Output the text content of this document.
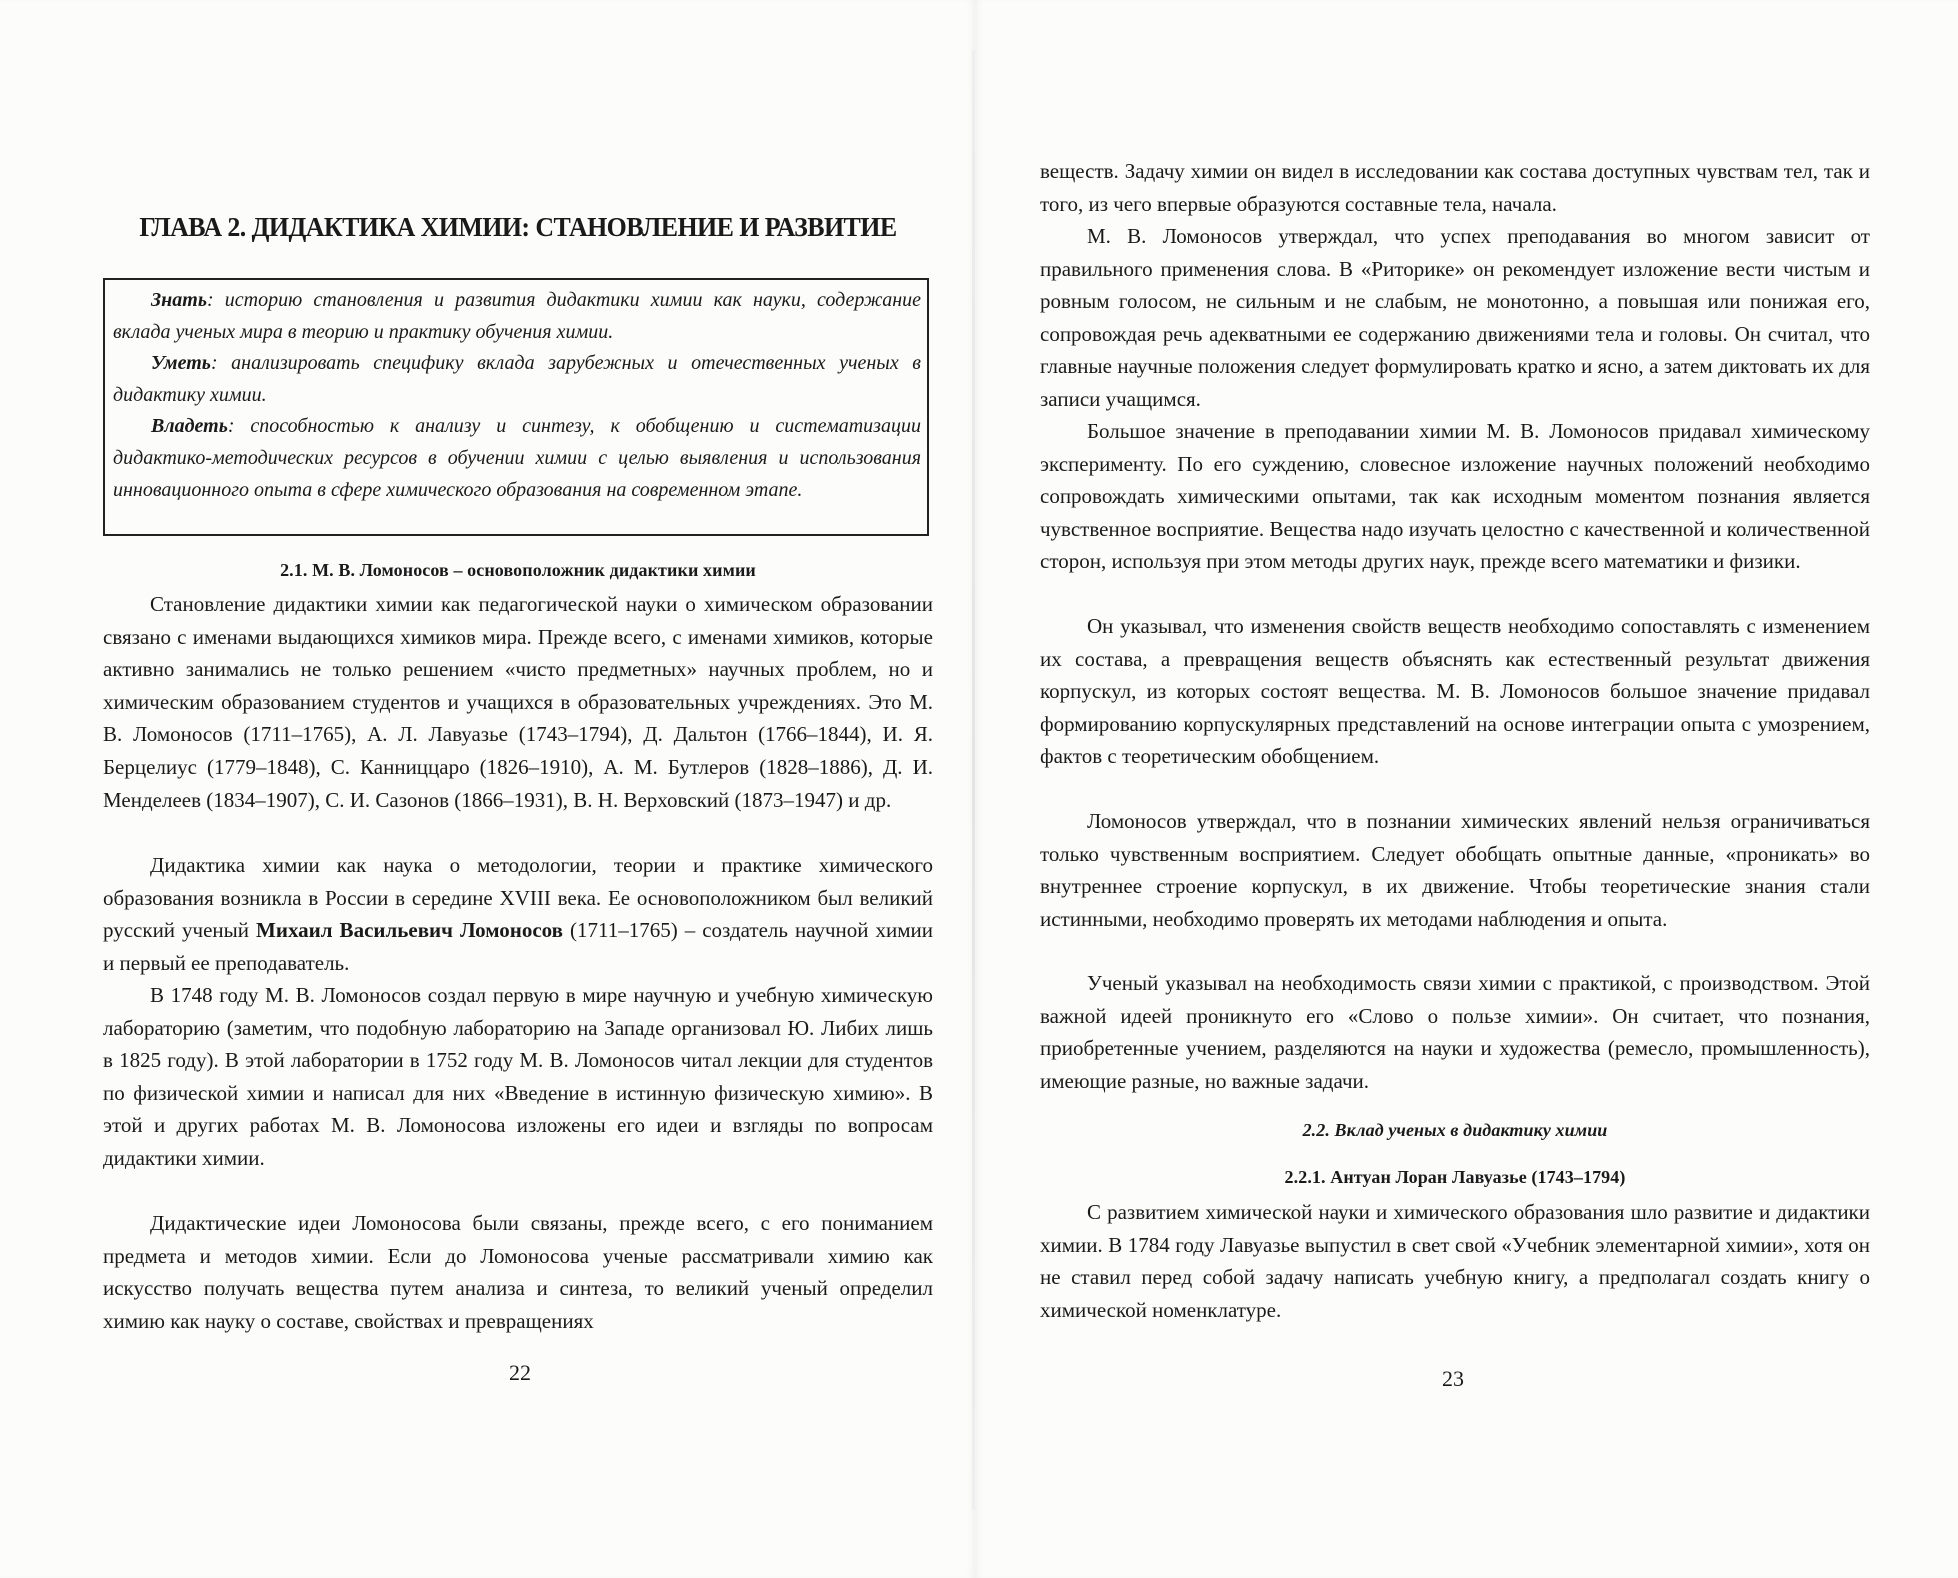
ГЛАВА 2. ДИДАКТИКА ХИМИИ: СТАНОВЛЕНИЕ И РАЗВИТИЕ

Знать: историю становления и развития дидактики химии как науки, содержание вклада ученых мира в теорию и практику обучения химии.

Уметь: анализировать специфику вклада зарубежных и отечественных ученых в дидактику химии.

Владеть: способностью к анализу и синтезу, к обобщению и систематизации дидактико-методических ресурсов в обучении химии с целью выявления и использования инновационного опыта в сфере химического образования на современном этапе.

2.1. М. В. Ломоносов – основоположник дидактики химии

Становление дидактики химии как педагогической науки о химическом образовании связано с именами выдающихся химиков мира. Прежде всего, с именами химиков, которые активно занимались не только решением «чисто предметных» научных проблем, но и химическим образованием студентов и учащихся в образовательных учреждениях. Это М. В. Ломоносов (1711–1765), А. Л. Лавуазье (1743–1794), Д. Дальтон (1766–1844), И. Я. Берцелиус (1779–1848), С. Канниццаро (1826–1910), А. М. Бутлеров (1828–1886), Д. И. Менделеев (1834–1907), С. И. Сазонов (1866–1931), В. Н. Верховский (1873–1947) и др.

Дидактика химии как наука о методологии, теории и практике химического образования возникла в России в середине XVIII века. Ее основоположником был великий русский ученый Михаил Васильевич Ломоносов (1711–1765) – создатель научной химии и первый ее преподаватель.

В 1748 году М. В. Ломоносов создал первую в мире научную и учебную химическую лабораторию (заметим, что подобную лабораторию на Западе организовал Ю. Либих лишь в 1825 году). В этой лаборатории в 1752 году М. В. Ломоносов читал лекции для студентов по физической химии и написал для них «Введение в истинную физическую химию». В этой и других работах М. В. Ломоносова изложены его идеи и взгляды по вопросам дидактики химии.

Дидактические идеи Ломоносова были связаны, прежде всего, с его пониманием предмета и методов химии. Если до Ломоносова ученые рассматривали химию как искусство получать вещества путем анализа и синтеза, то великий ученый определил химию как науку о составе, свойствах и превращениях

22

веществ. Задачу химии он видел в исследовании как состава доступных чувствам тел, так и того, из чего впервые образуются составные тела, начала.

М. В. Ломоносов утверждал, что успех преподавания во многом зависит от правильного применения слова. В «Риторике» он рекомендует изложение вести чистым и ровным голосом, не сильным и не слабым, не монотонно, а повышая или понижая его, сопровождая речь адекватными ее содержанию движениями тела и головы. Он считал, что главные научные положения следует формулировать кратко и ясно, а затем диктовать их для записи учащимся.

Большое значение в преподавании химии М. В. Ломоносов придавал химическому эксперименту. По его суждению, словесное изложение научных положений необходимо сопровождать химическими опытами, так как исходным моментом познания является чувственное восприятие. Вещества надо изучать целостно с качественной и количественной сторон, используя при этом методы других наук, прежде всего математики и физики.

Он указывал, что изменения свойств веществ необходимо сопоставлять с изменением их состава, а превращения веществ объяснять как естественный результат движения корпускул, из которых состоят вещества. М. В. Ломоносов большое значение придавал формированию корпускулярных представлений на основе интеграции опыта с умозрением, фактов с теоретическим обобщением.

Ломоносов утверждал, что в познании химических явлений нельзя ограничиваться только чувственным восприятием. Следует обобщать опытные данные, «проникать» во внутреннее строение корпускул, в их движение. Чтобы теоретические знания стали истинными, необходимо проверять их методами наблюдения и опыта.

Ученый указывал на необходимость связи химии с практикой, с производством. Этой важной идеей проникнуто его «Слово о пользе химии». Он считает, что познания, приобретенные учением, разделяются на науки и художества (ремесло, промышленность), имеющие разные, но важные задачи.

2.2. Вклад ученых в дидактику химии
2.2.1. Антуан Лоран Лавуазье (1743–1794)

С развитием химической науки и химического образования шло развитие и дидактики химии. В 1784 году Лавуазье выпустил в свет свой «Учебник элементарной химии», хотя он не ставил перед собой задачу написать учебную книгу, а предполагал создать книгу о химической номенклатуре.

23
